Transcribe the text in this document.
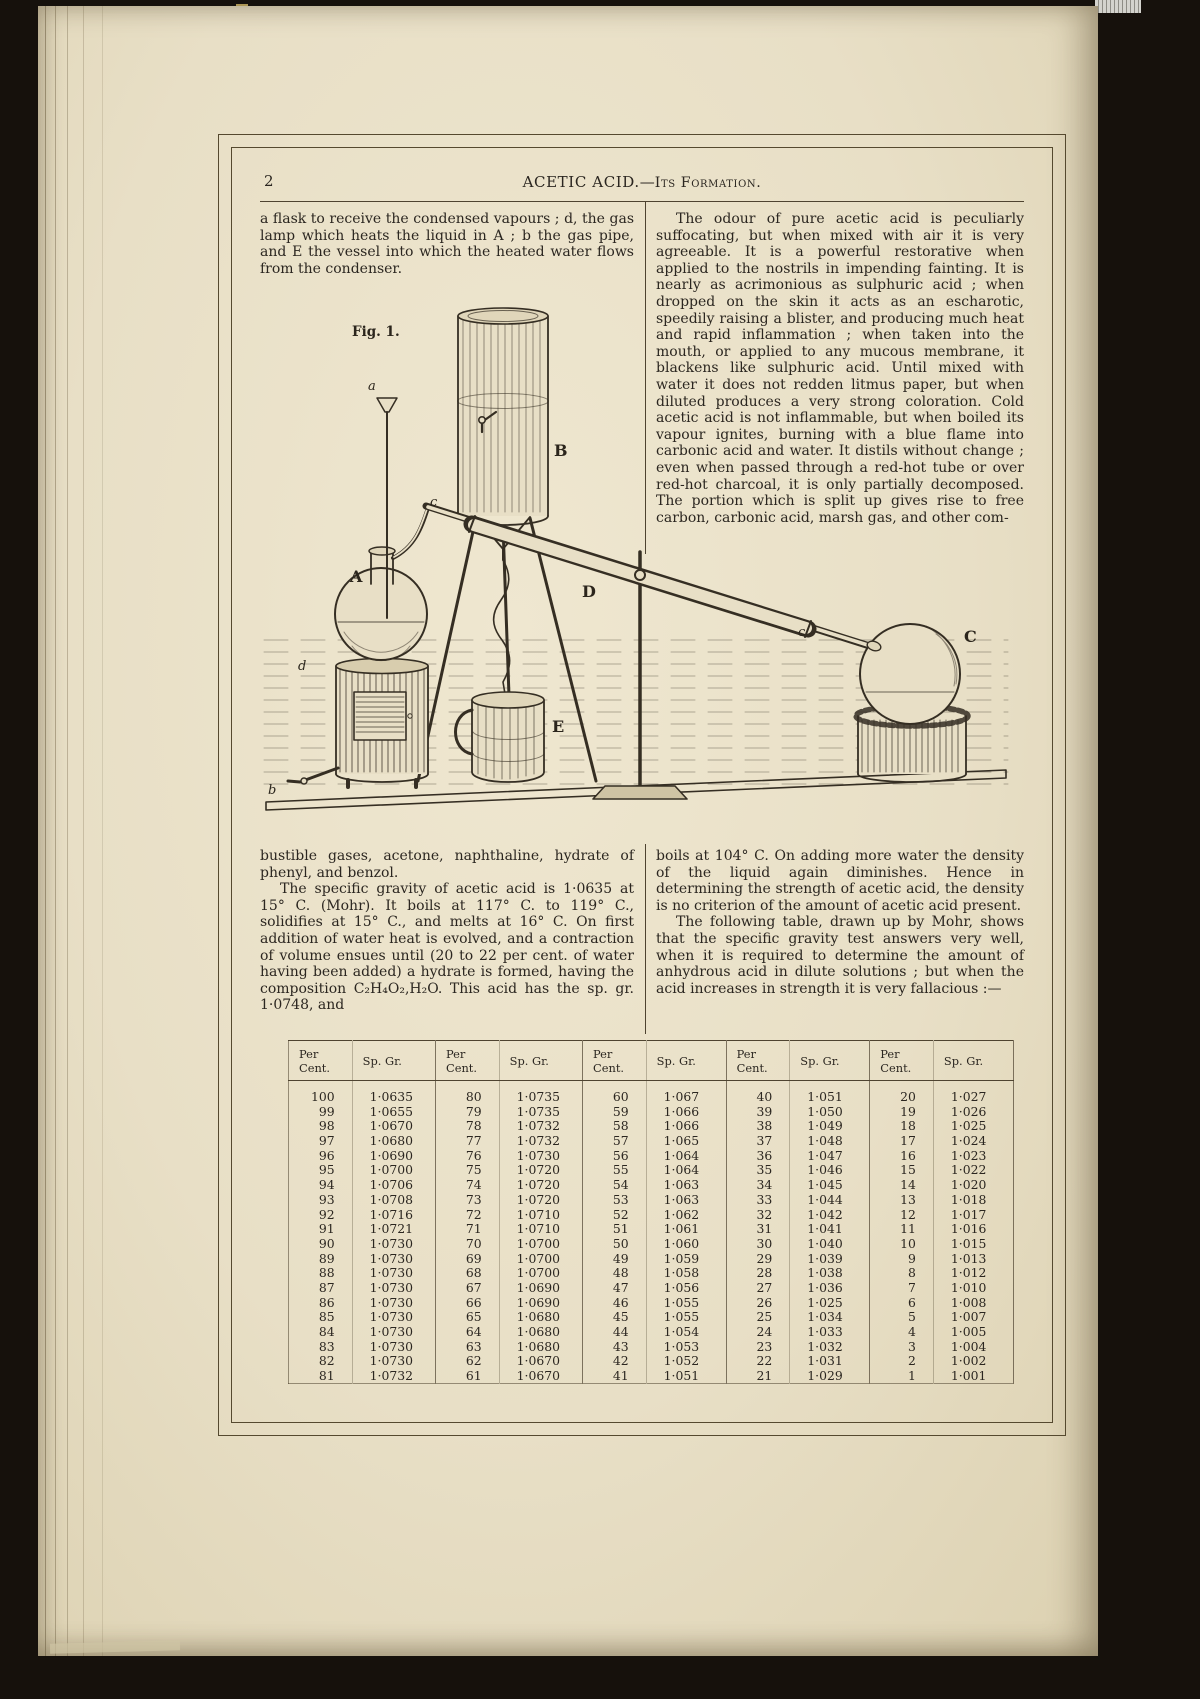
2	ACETIC ACID.—Its Formation.
a flask to receive the condensed vapours ; d, the gas lamp which heats the liquid in A ; b the gas pipe, and E the vessel into which the heated water flows from the condenser.

The odour of pure acetic acid is peculiarly suffocating, but when mixed with air it is very agreeable. It is a powerful restorative when applied to the nostrils in impending fainting. It is nearly as acrimonious as sulphuric acid ; when dropped on the skin it acts as an escharotic, speedily raising a blister, and producing much heat and rapid inflammation ; when taken into the mouth, or applied to any mucous membrane, it blackens like sulphuric acid. Until mixed with water it does not redden litmus paper, but when diluted produces a very strong coloration. Cold acetic acid is not inflammable, but when boiled its vapour ignites, burning with a blue flame into carbonic acid and water. It distils without change ; even when passed through a red-hot tube or over red-hot charcoal, it is only partially decomposed. The portion which is split up gives rise to free carbon, carbonic acid, marsh gas, and other com-

Fig. 1.
a
B
A
c
D
c	C
E
d
b

bustible gases, acetone, naphthaline, hydrate of phenyl, and benzol.

The specific gravity of acetic acid is 1·0635 at 15° C. (Mohr). It boils at 117° C. to 119° C., solidifies at 15° C., and melts at 16° C. On first addition of water heat is evolved, and a contraction of volume ensues until (20 to 22 per cent. of water having been added) a hydrate is formed, having the composition C₂H₄O₂,H₂O. This acid has the sp. gr. 1·0748, and

boils at 104° C. On adding more water the density of the liquid again diminishes. Hence in determining the strength of acetic acid, the density is no criterion of the amount of acetic acid present.

The following table, drawn up by Mohr, shows that the specific gravity test answers very well, when it is required to determine the amount of anhydrous acid in dilute solutions ; but when the acid increases in strength it is very fallacious :—

Per Cent.	Sp. Gr.	Per Cent.	Sp. Gr.	Per Cent.	Sp. Gr.	Per Cent.	Sp. Gr.	Per Cent.	Sp. Gr.
100	1·0635	80	1·0735	60	1·067	40	1·051	20	1·027
99	1·0655	79	1·0735	59	1·066	39	1·050	19	1·026
98	1·0670	78	1·0732	58	1·066	38	1·049	18	1·025
97	1·0680	77	1·0732	57	1·065	37	1·048	17	1·024
96	1·0690	76	1·0730	56	1·064	36	1·047	16	1·023
95	1·0700	75	1·0720	55	1·064	35	1·046	15	1·022
94	1·0706	74	1·0720	54	1·063	34	1·045	14	1·020
93	1·0708	73	1·0720	53	1·063	33	1·044	13	1·018
92	1·0716	72	1·0710	52	1·062	32	1·042	12	1·017
91	1·0721	71	1·0710	51	1·061	31	1·041	11	1·016
90	1·0730	70	1·0700	50	1·060	30	1·040	10	1·015
89	1·0730	69	1·0700	49	1·059	29	1·039	9	1·013
88	1·0730	68	1·0700	48	1·058	28	1·038	8	1·012
87	1·0730	67	1·0690	47	1·056	27	1·036	7	1·010
86	1·0730	66	1·0690	46	1·055	26	1·025	6	1·008
85	1·0730	65	1·0680	45	1·055	25	1·034	5	1·007
84	1·0730	64	1·0680	44	1·054	24	1·033	4	1·005
83	1·0730	63	1·0680	43	1·053	23	1·032	3	1·004
82	1·0730	62	1·0670	42	1·052	22	1·031	2	1·002
81	1·0732	61	1·0670	41	1·051	21	1·029	1	1·001
